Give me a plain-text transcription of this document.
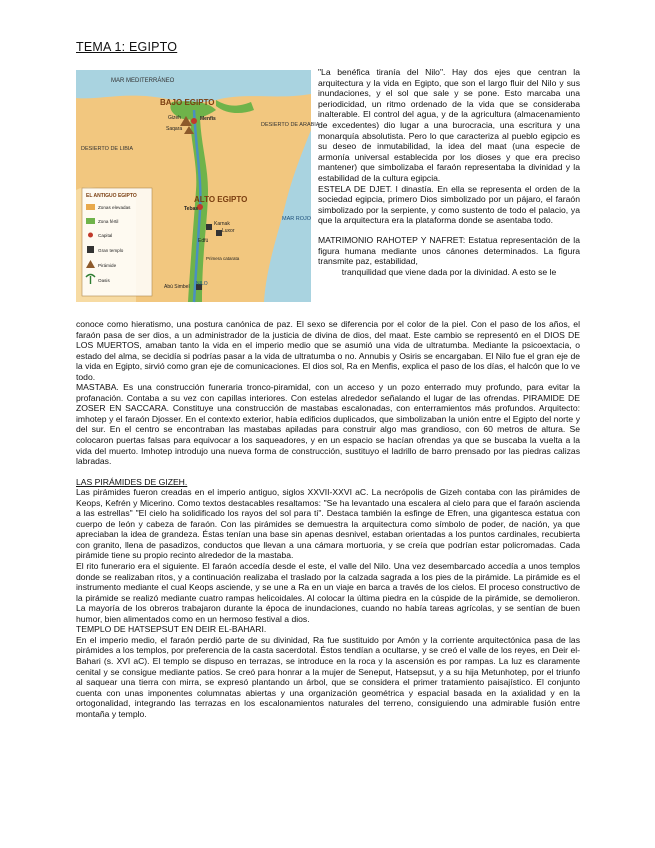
TEMA 1: EGIPTO
MAR MEDITERRÁNEO
BAJO EGIPTO
ALTO EGIPTO
Gizeh	Menfis
Saqara
Tebas
Karnak
Luxor
Edfú
Primera catarata
Abú Simbel
DESIERTO DE LIBIA
DESIERTO DE ARABIA
NILO
MAR ROJO
EL ANTIGUO EGIPTO
Zonas elevadas
Zona fértil
Capital
Gran templo
Pirámide
Oasis

"La benéfica tiranía del Nilo". Hay dos ejes que centran la arquitectura y la vida en Egipto, que son el largo fluir del Nilo y sus inundaciones, y el sol que sale y se pone. Esto marcaba una periodicidad, un ritmo ordenado de la vida que se consideraba inalterable. El control del agua, y de la agricultura (almacenamiento de excedentes) dio lugar a una burocracia, una escritura y una monarquía absolutista. Pero lo que caracteriza al pueblo egipcio es su deseo de inmutabilidad, la idea del maat (una especie de armonía universal establecida por los dioses y que era preciso mantener) que simbolizaba el faraón representaba la divinidad y la estabilidad de la cultura egipcia.

ESTELA DE DJET. I dinastía. En ella se representa el orden de la sociedad egipcia, primero Dios simbolizado por un pájaro, el faraón simbolizado por la serpiente, y como sustento de todo el palacio, ya que la arquitectura era la plataforma donde se asentaba todo.

MATRIMONIO RAHOTEP Y NAFRET: Estatua representación de la figura humana mediante unos cánones determinados. La figura transmite paz, estabilidad,

tranquilidad que viene dada por la divinidad. A esto se le

conoce como hieratismo, una postura canónica de paz. El sexo se diferencia por el color de la piel. Con el paso de los años, el faraón pasa de ser dios, a un administrador de la justicia de divina de dios, del maat. Este cambio se representó en el DIOS DE LOS MUERTOS, amaban tanto la vida en el imperio medio que se asumió una vida de ultratumba. Mediante la psicoextacia, o estado del alma, se decidía si podrías pasar a la vida de ultratumba o no. Annubis y Osiris se encargaban. El Nilo fue el gran eje de la vida en Egipto, sirvió como gran eje de comunicaciones. El dios sol, Ra en Menfis, explica el paso de los días, el halcón que lo ve todo.

MASTABA. Es una construcción funeraria tronco-piramidal, con un acceso y un pozo enterrado muy profundo, para evitar la profanación. Contaba a su vez con capillas interiores. Con estelas alrededor señalando el lugar de las ofrendas. PIRAMIDE DE ZOSER EN SACCARA. Constituye una construcción de mastabas escalonadas, con enterramientos más profundos. Arquitecto: imhotep y el faraón Djosser. En el contexto exterior, había edificios duplicados, que simbolizaban la unión entre el Egipto del norte y del sur. En el centro se encontraban las mastabas apiladas para construir algo mas grandioso, con 60 metros de altura. Se colocaron puertas falsas para equivocar a los saqueadores, y en un espacio se hacían ofrendas ya que se buscaba la vuelta a la vida del muerto. Imhotep introdujo una nueva forma de construcción, sustituyo el ladrillo de barro prensado por las piedras calizas labradas.

LAS PIRÁMIDES DE GIZEH.

Las pirámides fueron creadas en el imperio antiguo, siglos XXVII-XXVI aC. La necrópolis de Gizeh contaba con las pirámides de Keops, Kefrén y Micerino. Como textos destacables resaltamos: "Se ha levantado una escalera al cielo para que el faraón ascienda a las estrellas" "El cielo ha solidificado los rayos del sol para ti". Destaca también la esfinge de Efren, una gigantesca estatua con cuerpo de león y cabeza de faraón. Con las pirámides se demuestra la arquitectura como símbolo de poder, de nación, ya que apreciaban la idea de grandeza. Éstas tenían una base sin apenas desnivel, estaban orientadas a los puntos cardinales, recubierta con granito, llena de pasadizos, conductos que llevan a una cámara mortuoria, y se creía que podrían estar policromadas. Cada pirámide tiene su propio recinto alrededor de la mastaba.

El rito funerario era el siguiente. El faraón accedía desde el este, el valle del Nilo. Una vez desembarcado accedía a unos templos donde se realizaban ritos, y a continuación realizaba el traslado por la calzada sagrada a los pies de la pirámide. La pirámide es el instrumento mediante el cual Keops asciende, y se une a Ra en un viaje en barca a través de los cielos. El proceso constructivo de la pirámide se realizó mediante cuatro rampas helicoidales. Al colocar la última piedra en la cúspide de la pirámide, se demolieron. La mayoría de los obreros trabajaron durante la época de inundaciones, cuando no había tareas agrícolas, y se sentían de buen humor, bien alimentados como en un hermoso festival a dios.

TEMPLO DE HATSEPSUT EN DEIR EL-BAHARI.

En el imperio medio, el faraón perdió parte de su divinidad, Ra fue sustituido por Amón y la corriente arquitectónica pasa de las pirámides a los templos, por preferencia de la casta sacerdotal. Éstos tendían a ocultarse, y se creó el valle de los reyes, en Deir el-Bahari (s. XVI aC). El templo se dispuso en terrazas, se introduce en la roca y la ascensión es por rampas. La luz es claramente cenital y se consigue mediante patios. Se creó para honrar a la mujer de Seneput, Hatsepsut, y a su hija Metunhotep, por el triunfo al saquear una tierra con mirra, se expresó plantando un árbol, que se considera el primer tratamiento paisajístico. El conjunto cuenta con unas imponentes columnatas abiertas y una organización geométrica y espacial basada en la axialidad y en la ortogonalidad, integrando las terrazas en los escalonamientos naturales del terreno, consiguiendo una admirable fusión entre montaña y templo.
